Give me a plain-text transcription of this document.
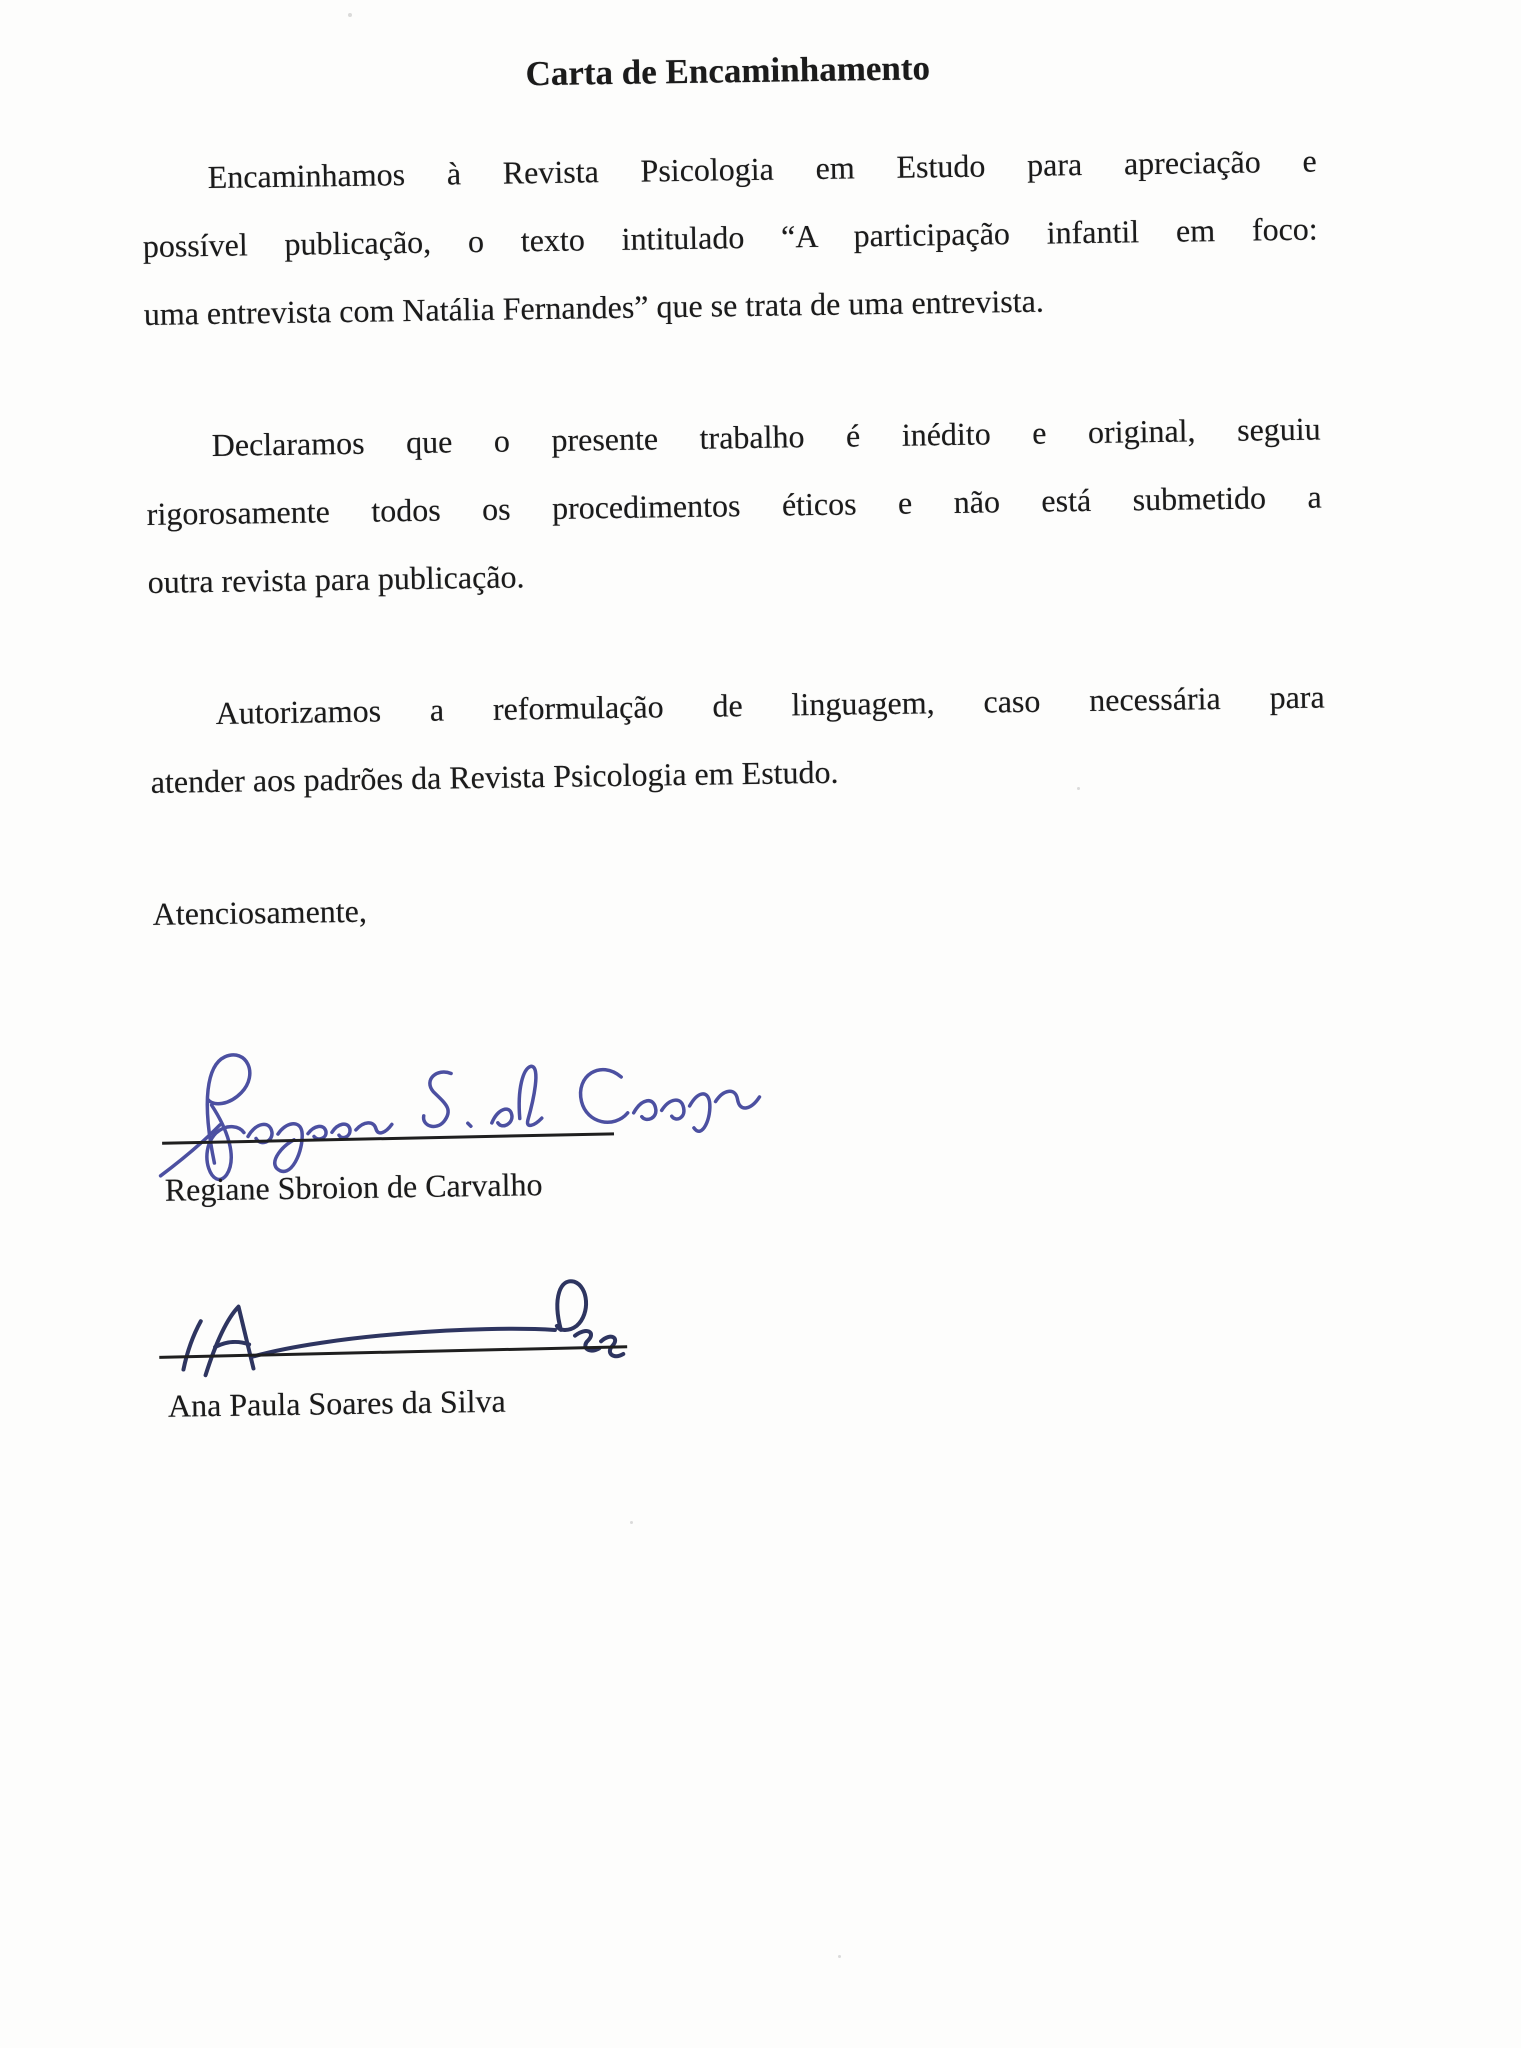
Carta de Encaminhamento
Encaminhamos à Revista Psicologia em Estudo para apreciação e
possível publicação, o texto intitulado “A participação infantil em foco:
uma entrevista com Natália Fernandes” que se trata de uma entrevista.
Declaramos que o presente trabalho é inédito e original, seguiu
rigorosamente todos os procedimentos éticos e não está submetido a
outra revista para publicação.
Autorizamos a reformulação de linguagem, caso necessária para
atender aos padrões da Revista Psicologia em Estudo.
Atenciosamente,
Regiane Sbroion de Carvalho
Ana Paula Soares da Silva
